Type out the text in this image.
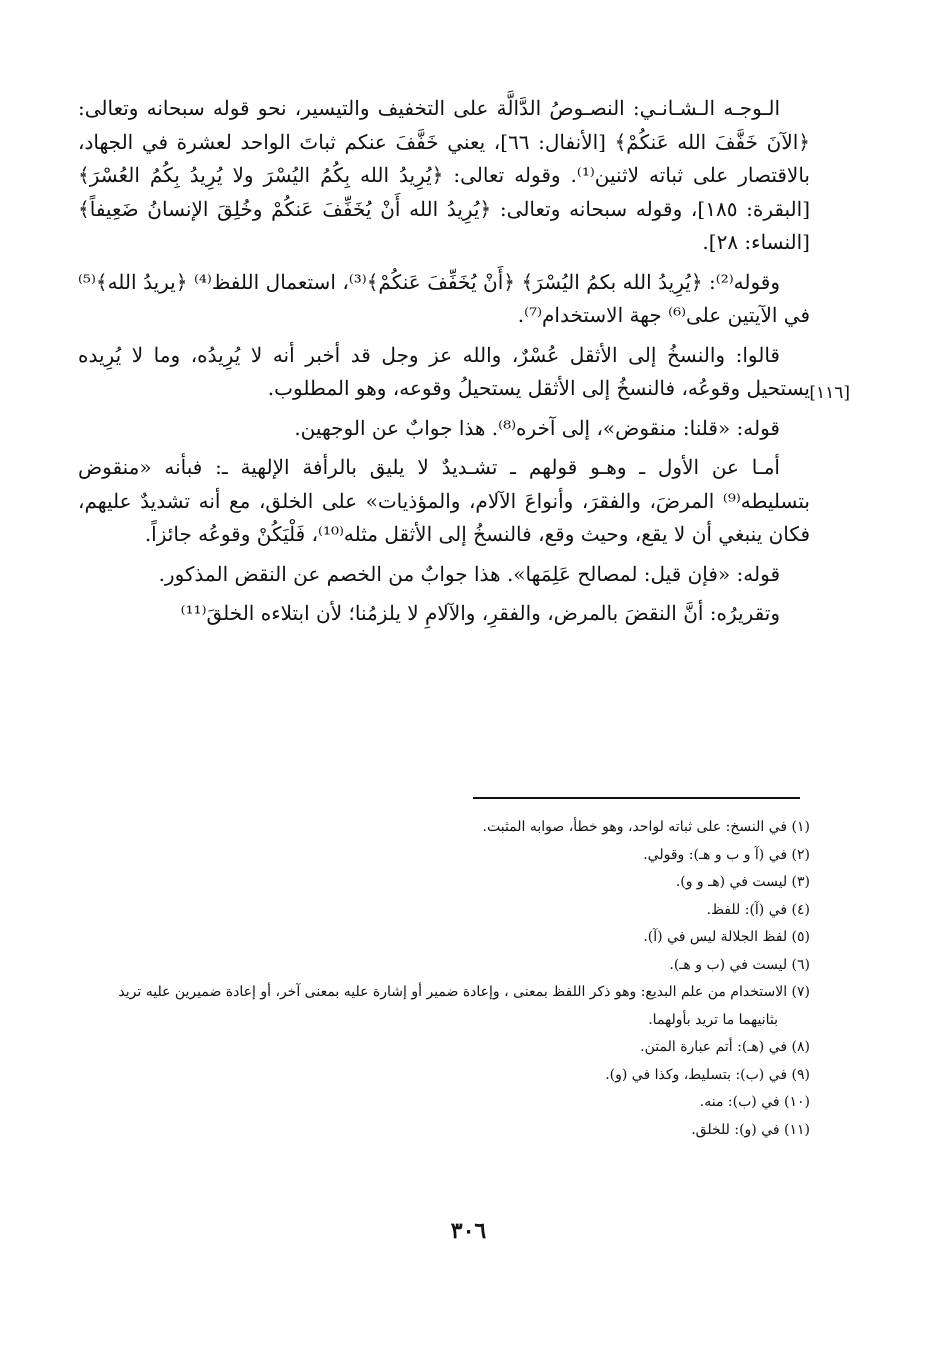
[١١٦]

الـوجـه الـشـانـي: النصـوصُ الدَّالَّة على التخفيف والتيسير، نحو قوله سبحانه وتعالى: ﴿الآنَ خَفَّفَ الله عَنكُمْ﴾ [الأنفال: ٦٦]، يعني خَفَّفَ عنكم ثباتَ الواحد لعشرة في الجهاد، بالاقتصار على ثباته لاثنين⁽¹⁾. وقوله تعالى: ﴿يُرِيدُ الله بِكُمُ اليُسْرَ ولا يُرِيدُ بِكُمُ العُسْرَ﴾ [البقرة: ١٨٥]، وقوله سبحانه وتعالى: ﴿يُرِيدُ الله أَنْ يُخَفِّفَ عَنكُمْ وخُلِقَ الإنسانُ ضَعِيفاً﴾ [النساء: ٢٨].

وقوله⁽²⁾: ﴿يُرِيدُ الله بكمُ اليُسْرَ﴾ ﴿أَنْ يُخَفِّفَ عَنكُمْ﴾⁽³⁾، استعمال اللفظ⁽⁴⁾ ﴿يريدُ الله﴾⁽⁵⁾ في الآيتين على⁽⁶⁾ جهة الاستخدام⁽⁷⁾.

قالوا: والنسخُ إلى الأثقل عُسْرٌ، والله عز وجل قد أخبر أنه لا يُرِيدُه، وما لا يُرِيده يستحيل وقوعُه، فالنسخُ إلى الأثقل يستحيلُ وقوعه، وهو المطلوب.

قوله: «قلنا: منقوض»، إلى آخره⁽⁸⁾. هذا جوابٌ عن الوجهين.

أمـا عن الأول ـ وهـو قولهم ـ تشـديدٌ لا يليق بالرأفة الإلهية ـ: فبأنه «منقوض بتسليطه⁽⁹⁾ المرضَ، والفقرَ، وأنواعَ الآلام، والمؤذيات» على الخلق، مع أنه تشديدٌ عليهم، فكان ينبغي أن لا يقع، وحيث وقع، فالنسخُ إلى الأثقل مثله⁽¹⁰⁾، فَلْيَكُنْ وقوعُه جائزاً.

قوله: «فإن قيل: لمصالح عَلِمَها». هذا جوابٌ من الخصم عن النقض المذكور.

وتقريرُه: أنَّ النقضَ بالمرض، والفقرِ، والآلامِ لا يلزمُنا؛ لأن ابتلاءه الخلقَ⁽¹¹⁾

(١) في النسخ: على ثباته لواحد، وهو خطأ، صوابه المثبت.

(٢) في (آ و ب و هـ): وقولي.

(٣) ليست في (هـ و و).

(٤) في (آ): للفظ.

(٥) لفظ الجلالة ليس في (آ).

(٦) ليست في (ب و هـ).

(٧) الاستخدام من علم البديع: وهو ذكر اللفظ بمعنى ، وإعادة ضمير أو إشارة عليه بمعنى آخر، أو إعادة ضميرين عليه تريد بثانيهما ما تريد بأولهما.

(٨) في (هـ): أتم عبارة المتن.

(٩) في (ب): بتسليط، وكذا في (و).

(١٠) في (ب): منه.

(١١) في (و): للخلق.

٣٠٦
